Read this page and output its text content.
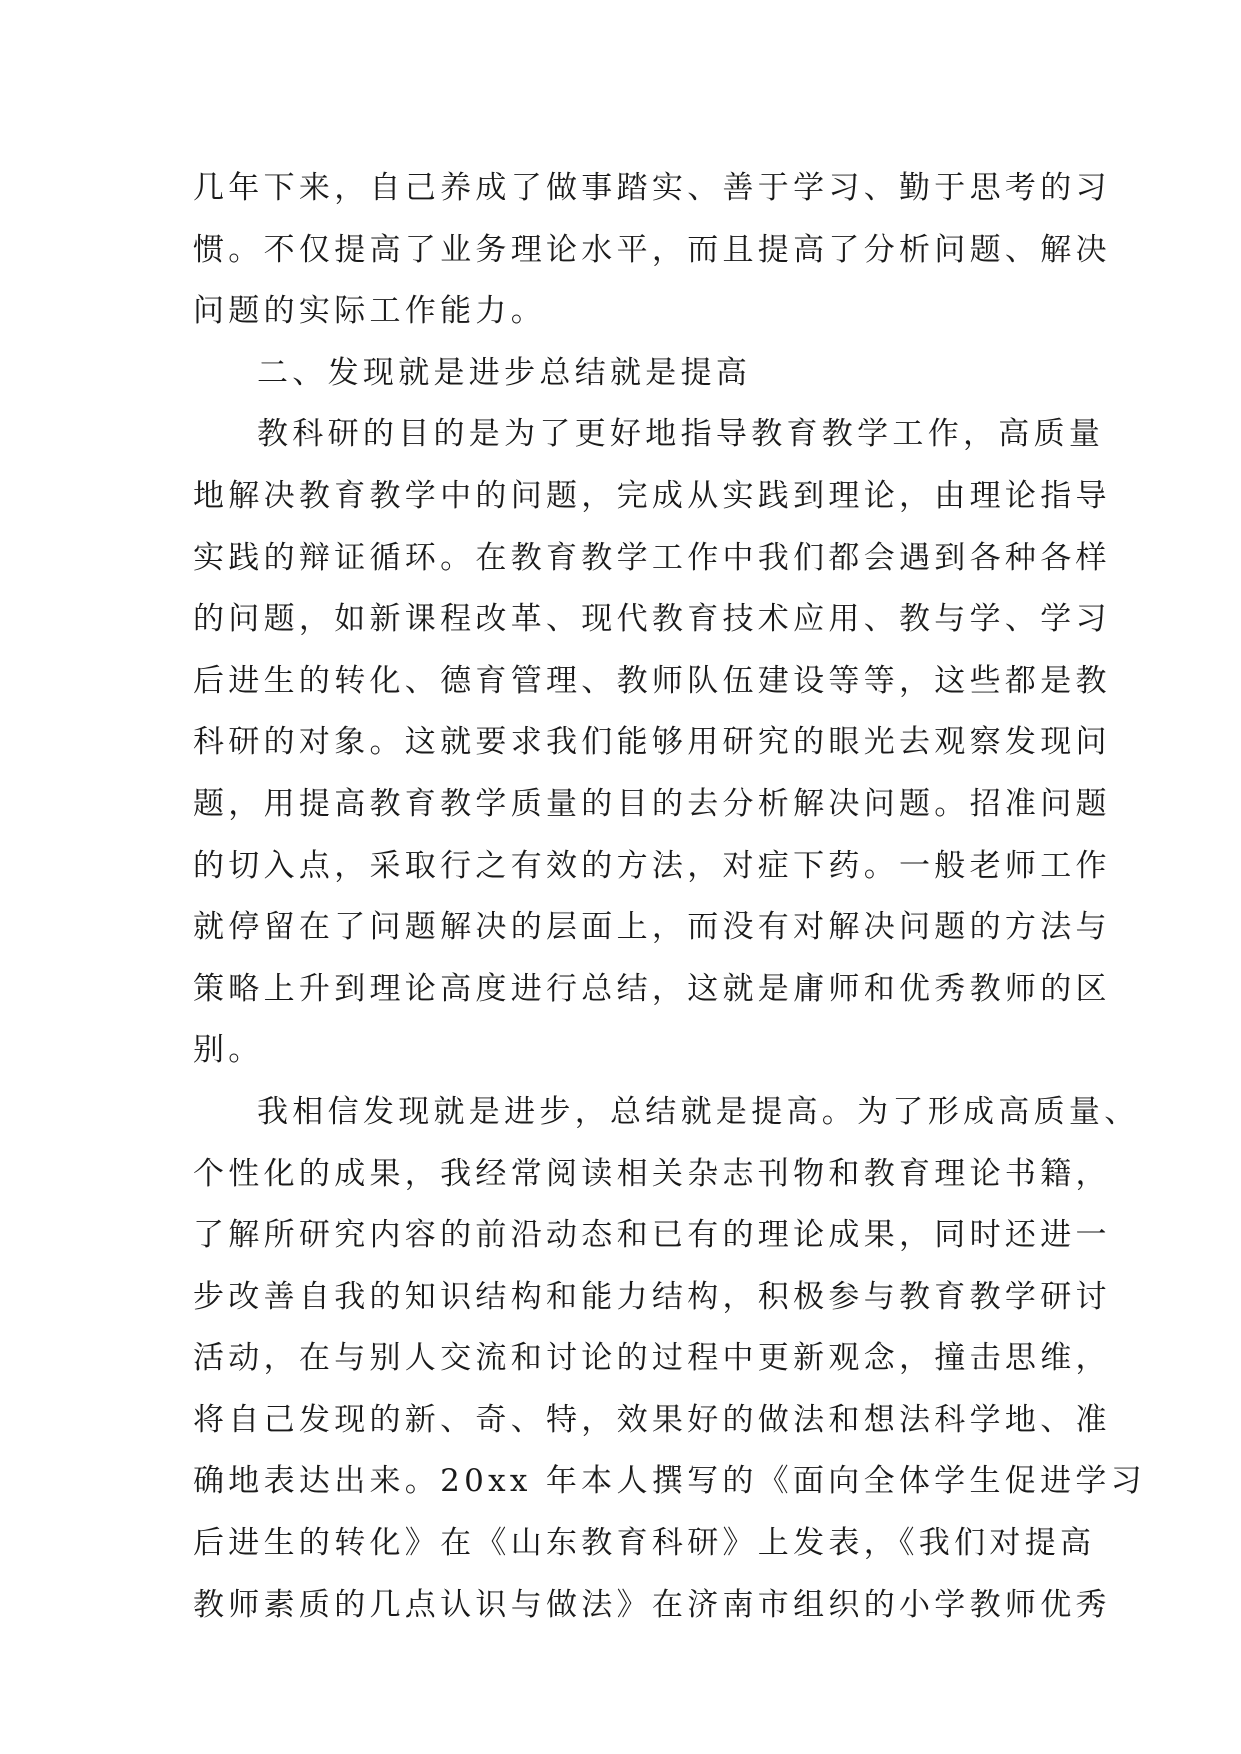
几年下来，自己养成了做事踏实、善于学习、勤于思考的习
惯。不仅提高了业务理论水平，而且提高了分析问题、解决
问题的实际工作能力。
二、发现就是进步总结就是提高
教科研的目的是为了更好地指导教育教学工作，高质量
地解决教育教学中的问题，完成从实践到理论，由理论指导
实践的辩证循环。在教育教学工作中我们都会遇到各种各样
的问题，如新课程改革、现代教育技术应用、教与学、学习
后进生的转化、德育管理、教师队伍建设等等，这些都是教
科研的对象。这就要求我们能够用研究的眼光去观察发现问
题，用提高教育教学质量的目的去分析解决问题。招准问题
的切入点，采取行之有效的方法，对症下药。一般老师工作
就停留在了问题解决的层面上，而没有对解决问题的方法与
策略上升到理论高度进行总结，这就是庸师和优秀教师的区
别。
我相信发现就是进步，总结就是提高。为了形成高质量、
个性化的成果，我经常阅读相关杂志刊物和教育理论书籍，
了解所研究内容的前沿动态和已有的理论成果，同时还进一
步改善自我的知识结构和能力结构，积极参与教育教学研讨
活动，在与别人交流和讨论的过程中更新观念，撞击思维，
将自己发现的新、奇、特，效果好的做法和想法科学地、准
确地表达出来。20xx 年本人撰写的《面向全体学生促进学习
后进生的转化》在《山东教育科研》上发表，《我们对提高
教师素质的几点认识与做法》在济南市组织的小学教师优秀
